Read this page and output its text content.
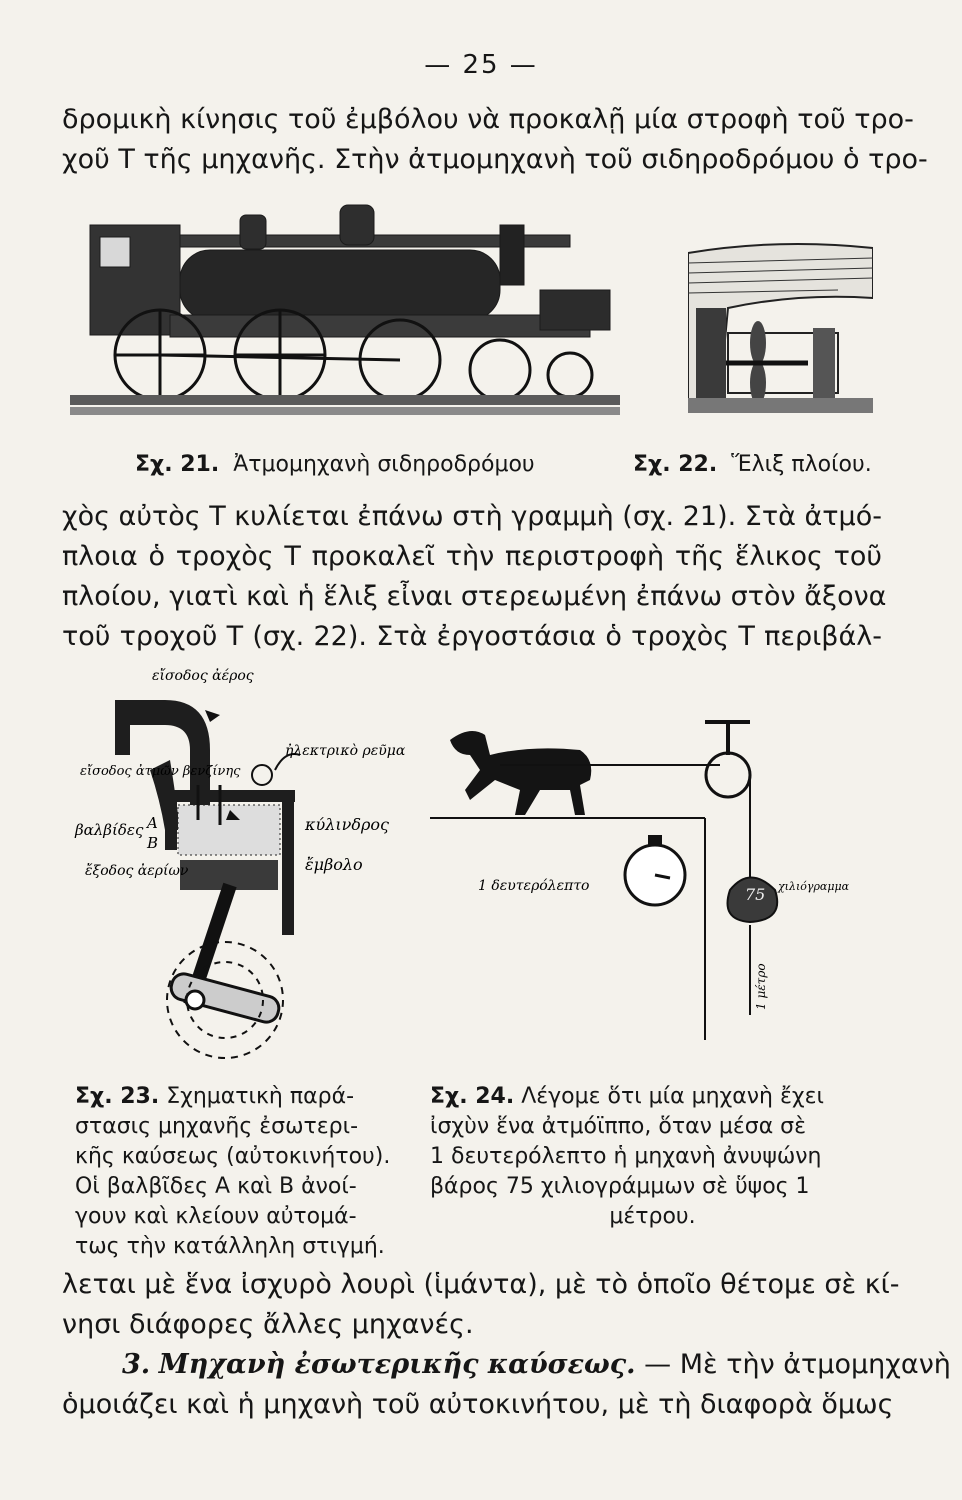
— 25 —
δρομικὴ κίνησις τοῦ ἐμβόλου νὰ προκαλῇ μία στροφὴ τοῦ τρο-
χοῦ Τ τῆς μηχανῆς. Στὴν ἀτμομηχανὴ τοῦ σιδηροδρόμου ὁ τρο-
Σχ. 21. Ἀτμομηχανὴ σιδηροδρόμου	Σχ. 22. Ἕλιξ πλοίου.
χὸς αὐτὸς Τ κυλίεται ἐπάνω στὴ γραμμὴ (σχ. 21). Στὰ ἀτμό-
πλοια ὁ τροχὸς Τ προκαλεῖ τὴν περιστροφὴ τῆς ἕλικος τοῦ
πλοίου, γιατὶ καὶ ἡ ἕλιξ εἶναι στερεωμένη ἐπάνω στὸν ἄξονα
τοῦ τροχοῦ Τ (σχ. 22). Στὰ ἐργοστάσια ὁ τροχὸς Τ περιβάλ-
εἴσοδος ἀέρος
εἴσοδος ἀτμῶν βενζίνης
βαλβίδες Α
Β
ἔξοδος ἀερίων
ἠλεκτρικὸ ρεῦμα
κύλινδρος
ἔμβολο
75
1 δευτερόλεπτο	χιλιόγραμμα
1 μέτρο
Σχ. 23. Σχηματικὴ παρά-
στασις μηχανῆς ἐσωτερι-
κῆς καύσεως (αὐτοκινήτου).
Οἱ βαλβῖδες Α καὶ Β ἀνοί-
γουν καὶ κλείουν αὐτομά-
τως τὴν κατάλληλη στιγμή.
Σχ. 24. Λέγομε ὅτι μία μηχανὴ ἔχει
ἰσχὺν ἕνα ἀτμόϊππο, ὅταν μέσα σὲ
1 δευτερόλεπτο ἡ μηχανὴ ἀνυψώνη
βάρος 75 χιλιογράμμων σὲ ὕψος 1
μέτρου.
λεται μὲ ἕνα ἰσχυρὸ λουρὶ (ἱμάντα), μὲ τὸ ὁποῖο θέτομε σὲ κί-
νησι διάφορες ἄλλες μηχανές.
3. Μηχανὴ ἐσωτερικῆς καύσεως. — Μὲ τὴν ἀτμομηχανὴ
ὁμοιάζει καὶ ἡ μηχανὴ τοῦ αὐτοκινήτου, μὲ τὴ διαφορὰ ὅμως
